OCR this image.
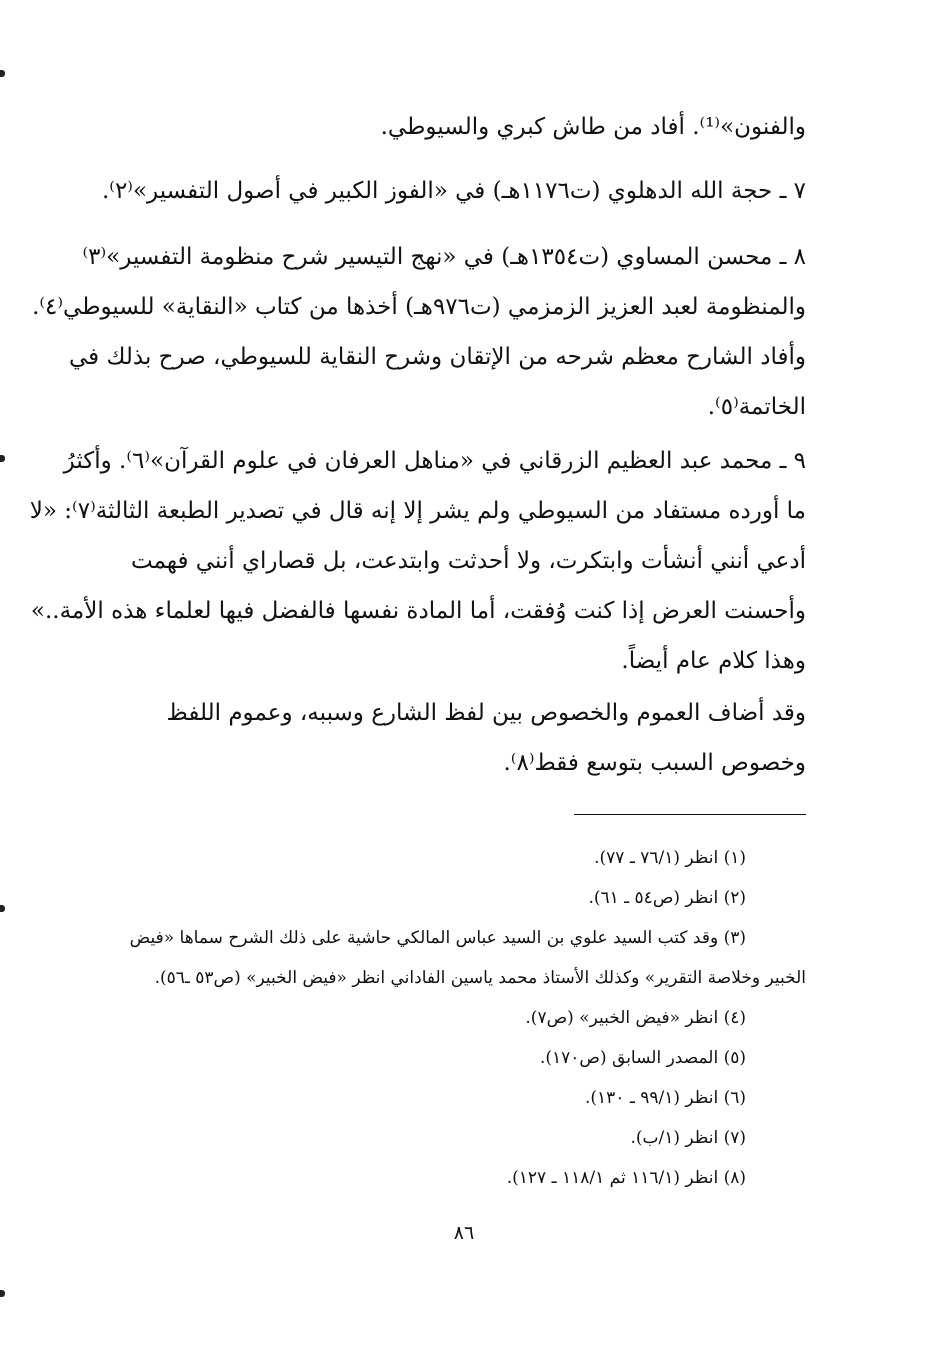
والفنون»⁽¹⁾. أفاد من طاش كبري والسيوطي.
٧ ـ حجة الله الدهلوي (ت١١٧٦هـ) في «الفوز الكبير في أصول التفسير»⁽٢⁾.
٨ ـ محسن المساوي (ت١٣٥٤هـ) في «نهج التيسير شرح منظومة التفسير»⁽٣⁾
والمنظومة لعبد العزيز الزمزمي (ت٩٧٦هـ) أخذها من كتاب «النقاية» للسيوطي⁽٤⁾.
وأفاد الشارح معظم شرحه من الإتقان وشرح النقاية للسيوطي، صرح بذلك في
الخاتمة⁽٥⁾.
٩ ـ محمد عبد العظيم الزرقاني في «مناهل العرفان في علوم القرآن»⁽٦⁾. وأكثرُ
ما أورده مستفاد من السيوطي ولم يشر إلا إنه قال في تصدير الطبعة الثالثة⁽٧⁾: «لا
أدعي أنني أنشأت وابتكرت، ولا أحدثت وابتدعت، بل قصاراي أنني فهمت
وأحسنت العرض إذا كنت وُفقت، أما المادة نفسها فالفضل فيها لعلماء هذه الأمة..»
وهذا كلام عام أيضاً.
وقد أضاف العموم والخصوص بين لفظ الشارع وسببه، وعموم اللفظ
وخصوص السبب بتوسع فقط⁽٨⁾.
(١) انظر (٧٦/١ ـ ٧٧).
(٢) انظر (ص٥٤ ـ ٦١).
(٣) وقد كتب السيد علوي بن السيد عباس المالكي حاشية على ذلك الشرح سماها «فيض
الخبير وخلاصة التقرير» وكذلك الأستاذ محمد ياسين الفاداني انظر «فيض الخبير» (ص٥٣ ـ٥٦).
(٤) انظر «فيض الخبير» (ص٧).
(٥) المصدر السابق (ص١٧٠).
(٦) انظر (٩٩/١ ـ ١٣٠).
(٧) انظر (١/ب).
(٨) انظر (١١٦/١ ثم ١١٨/١ ـ ١٢٧).
٨٦
